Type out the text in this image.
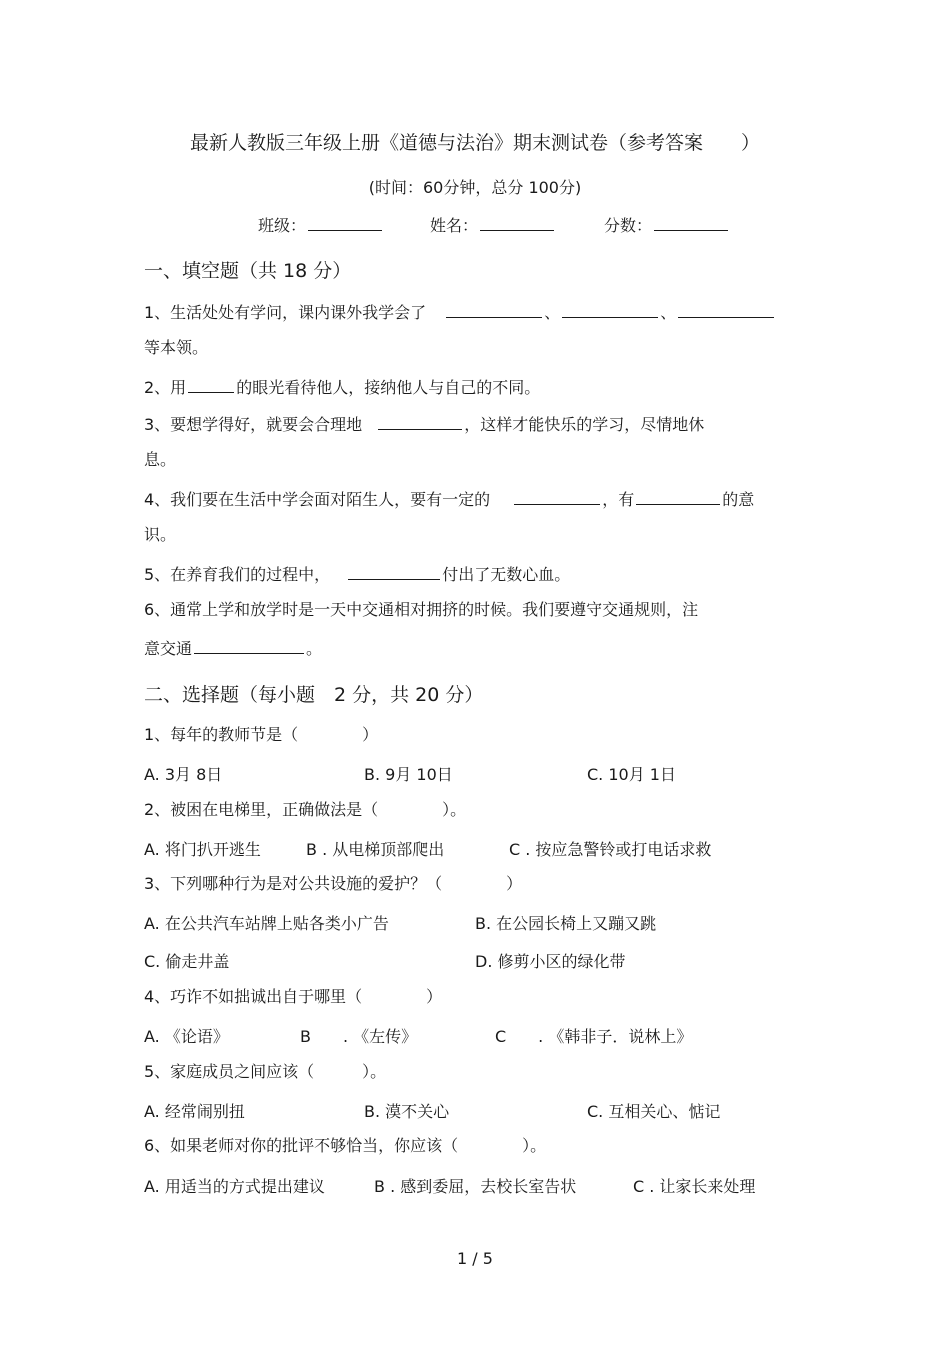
最新人教版三年级上册《道德与法治》期末测试卷（参考答案　　）
(时间：60分钟，总分 100分)
班级：	姓名：	分数：
一、填空题（共 18 分）
1、生活处处有学问，课内课外我学会了	、	、
等本领。
2、用	的眼光看待他人，接纳他人与自己的不同。
3、要想学得好，就要会合理地	，这样才能快乐的学习，尽情地休
息。
4、我们要在生活中学会面对陌生人，要有一定的	，有	的意
识。
5、在养育我们的过程中，	付出了无数心血。
6、通常上学和放学时是一天中交通相对拥挤的时候。我们要遵守交通规则，注
意交通	。
二、选择题（每小题　2 分，共 20 分）
1、每年的教师节是（　　　　）
A. 3月 8日	B. 9月 10日	C. 10月 1日
2、被困在电梯里，正确做法是（　　　　）。
A. 将门扒开逃生	B . 从电梯顶部爬出	C . 按应急警铃或打电话求救
3、下列哪种行为是对公共设施的爱护？（　　　　）
A. 在公共汽车站牌上贴各类小广告	B. 在公园长椅上又蹦又跳
C. 偷走井盖	D. 修剪小区的绿化带
4、巧诈不如拙诚出自于哪里（　　　　）
A. 《论语》	B　　. 《左传》	C　　. 《韩非子．说林上》
5、家庭成员之间应该（　　　）。
A. 经常闹别扭	B. 漠不关心	C. 互相关心、惦记
6、如果老师对你的批评不够恰当，你应该（　　　　）。
A. 用适当的方式提出建议	B . 感到委屈，去校长室告状	C . 让家长来处理
1 / 5
